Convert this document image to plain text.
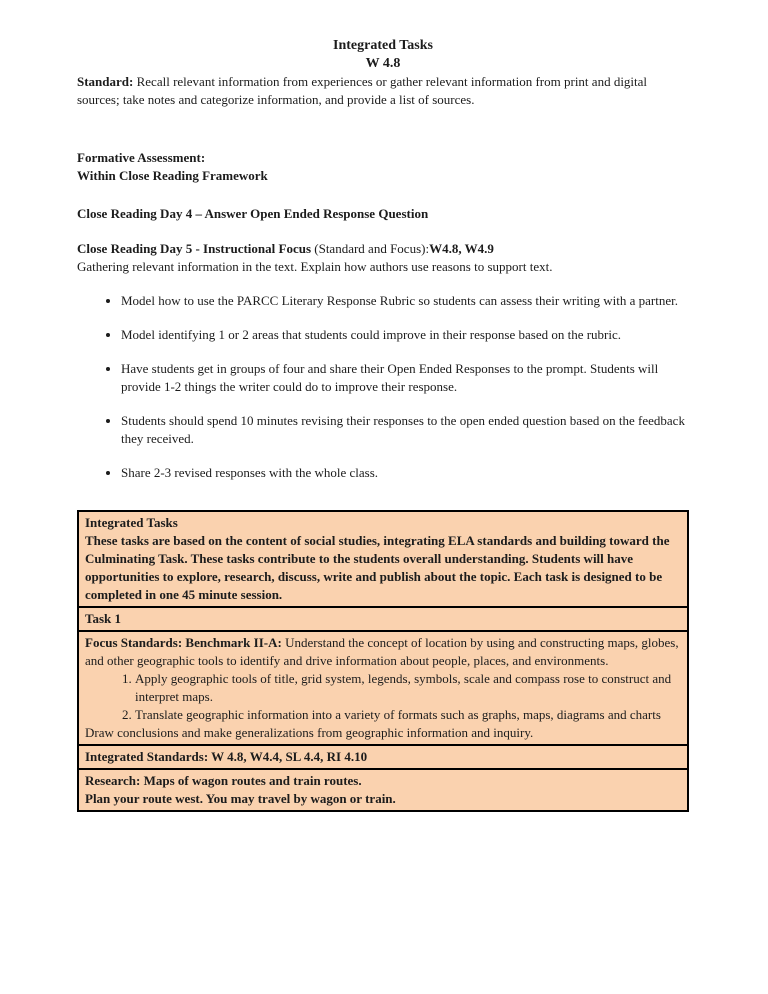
Integrated Tasks
W 4.8

Standard: Recall relevant information from experiences or gather relevant information from print and digital sources; take notes and categorize information, and provide a list of sources.

Formative Assessment:
Within Close Reading Framework

Close Reading Day 4 – Answer Open Ended Response Question

Close Reading Day 5 - Instructional Focus (Standard and Focus):W4.8, W4.9

Gathering relevant information in the text. Explain how authors use reasons to support text.

• Model how to use the PARCC Literary Response Rubric so students can assess their writing with a partner.
• Model identifying 1 or 2 areas that students could improve in their response based on the rubric.
• Have students get in groups of four and share their Open Ended Responses to the prompt. Students will provide 1-2 things the writer could do to improve their response.
• Students should spend 10 minutes revising their responses to the open ended question based on the feedback they received.
• Share 2-3 revised responses with the whole class.
Integrated Tasks
These tasks are based on the content of social studies, integrating ELA standards and building toward the Culminating Task. These tasks contribute to the students overall understanding. Students will have opportunities to explore, research, discuss, write and publish about the topic. Each task is designed to be completed in one 45 minute session.

Task 1
Focus Standards: Benchmark II-A: Understand the concept of location by using and constructing maps, globes, and other geographic tools to identify and drive information about people, places, and environments.
1. Apply geographic tools of title, grid system, legends, symbols, scale and compass rose to construct and interpret maps.
2. Translate geographic information into a variety of formats such as graphs, maps, diagrams and charts
Draw conclusions and make generalizations from geographic information and inquiry.

Integrated Standards: W 4.8, W4.4, SL 4.4, RI 4.10

Research: Maps of wagon routes and train routes.
Plan your route west. You may travel by wagon or train.
